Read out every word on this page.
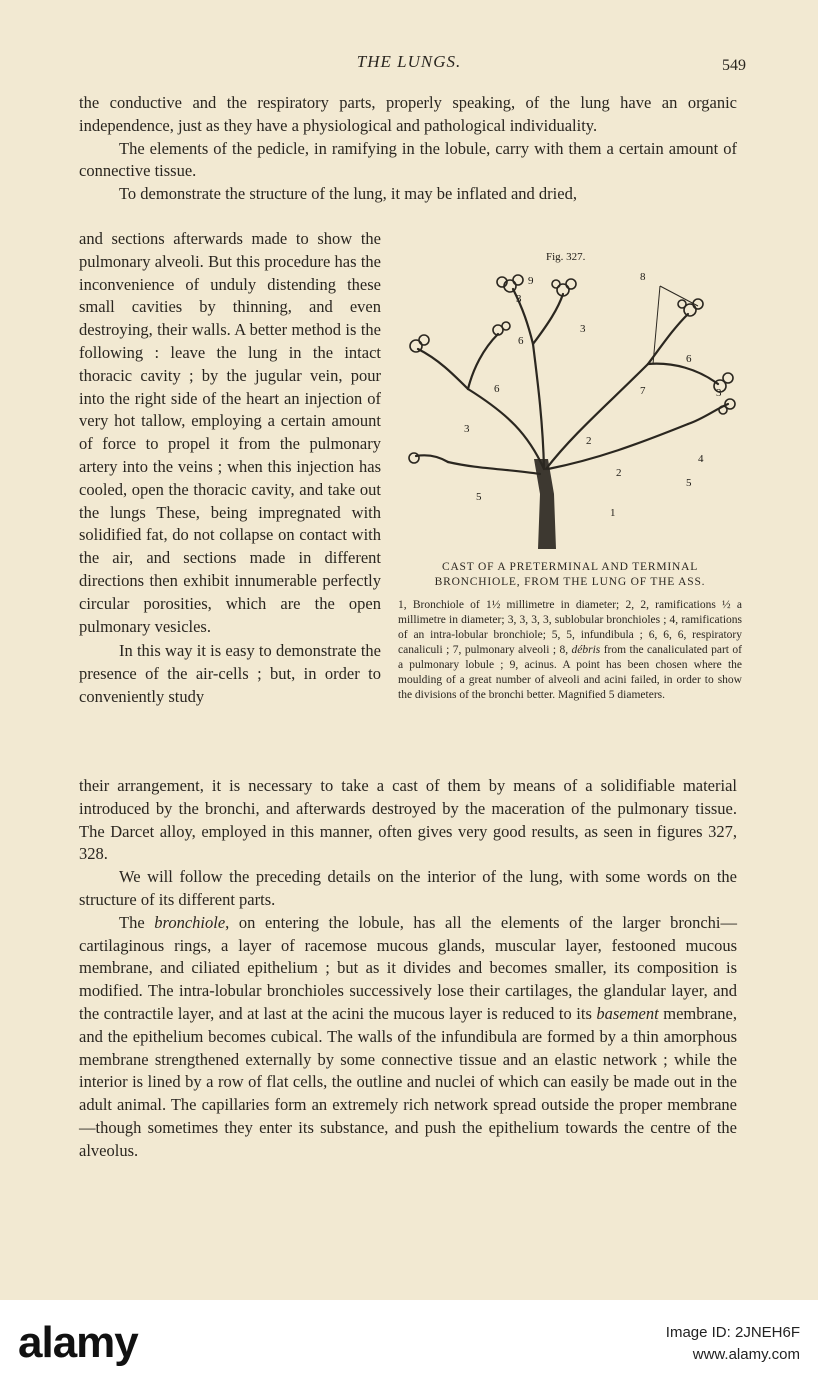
THE LUNGS.	549

the conductive and the respiratory parts, properly speaking, of the lung have an organic independence, just as they have a physiological and pathological individuality.

The elements of the pedicle, in ramifying in the lobule, carry with them a certain amount of connective tissue.

To demonstrate the structure of the lung, it may be inflated and dried,

and sections afterwards made to show the pulmonary alveoli. But this procedure has the inconvenience of unduly distending these small cavities by thinning, and even destroying, their walls. A better method is the following : leave the lung in the intact thoracic cavity ; by the jugular vein, pour into the right side of the heart an injection of very hot tallow, employing a certain amount of force to propel it from the pulmonary artery into the veins ; when this injection has cooled, open the thoracic cavity, and take out the lungs These, being impregnated with solidified fat, do not collapse on contact with the air, and sections made in different directions then exhibit innumerable perfectly circular porosities, which are the open pulmonary vesicles.

In this way it is easy to demonstrate the presence of the air-cells ; but, in order to conveniently study

Fig. 327.
1
2
2
3
3
3
3
4
5
5
6
6
6	7
8
9
CAST OF A PRETERMINAL AND TERMINAL BRONCHIOLE, FROM THE LUNG OF THE ASS.
1, Bronchiole of 1½ millimetre in diameter; 2, 2, ramifications ½ a millimetre in diameter; 3, 3, 3, 3, sublobular bronchioles ; 4, ramifications of an intra-lobular bronchiole; 5, 5, infundibula ; 6, 6, 6, respiratory canaliculi ; 7, pulmonary alveoli ; 8, débris from the canaliculated part of a pulmonary lobule ; 9, acinus. A point has been chosen where the moulding of a great number of alveoli and acini failed, in order to show the divisions of the bronchi better. Magnified 5 diameters.

their arrangement, it is necessary to take a cast of them by means of a solidifiable material introduced by the bronchi, and afterwards destroyed by the maceration of the pulmonary tissue. The Darcet alloy, employed in this manner, often gives very good results, as seen in figures 327, 328.

We will follow the preceding details on the interior of the lung, with some words on the structure of its different parts.

The bronchiole, on entering the lobule, has all the elements of the larger bronchi—cartilaginous rings, a layer of racemose mucous glands, muscular layer, festooned mucous membrane, and ciliated epithelium ; but as it divides and becomes smaller, its composition is modified. The intra-lobular bronchioles successively lose their cartilages, the glandular layer, and the contractile layer, and at last at the acini the mucous layer is reduced to its basement membrane, and the epithelium becomes cubical. The walls of the infundibula are formed by a thin amorphous membrane strengthened externally by some connective tissue and an elastic network ; while the interior is lined by a row of flat cells, the outline and nuclei of which can easily be made out in the adult animal. The capillaries form an extremely rich network spread outside the proper membrane—though sometimes they enter its substance, and push the epithelium towards the centre of the alveolus.

alamy	Image ID: 2JNEH6F
www.alamy.com
